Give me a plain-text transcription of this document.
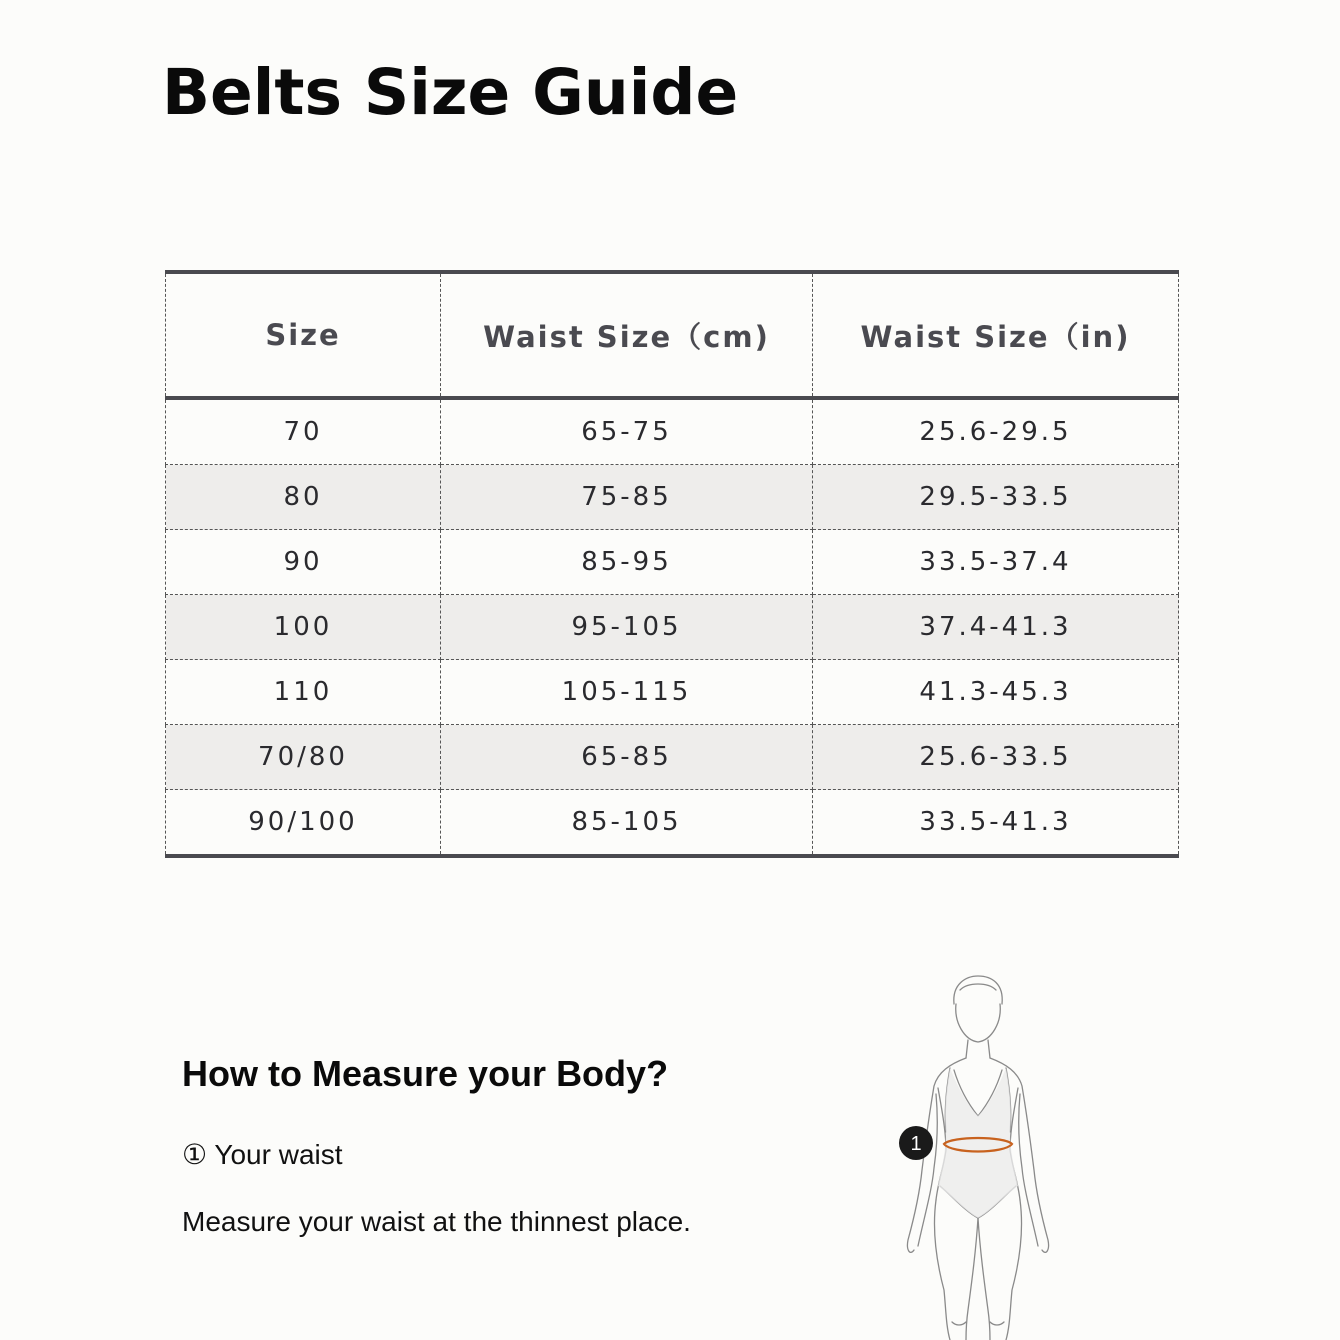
Belts Size Guide
Size	Waist Size（cm)	Waist Size（in)
70	65-75	25.6-29.5
80	75-85	29.5-33.5
90	85-95	33.5-37.4
100	95-105	37.4-41.3
110	105-115	41.3-45.3
70/80	65-85	25.6-33.5
90/100	85-105	33.5-41.3
How to Measure your Body?
① Your waist
Measure your waist at the thinnest place.
1
